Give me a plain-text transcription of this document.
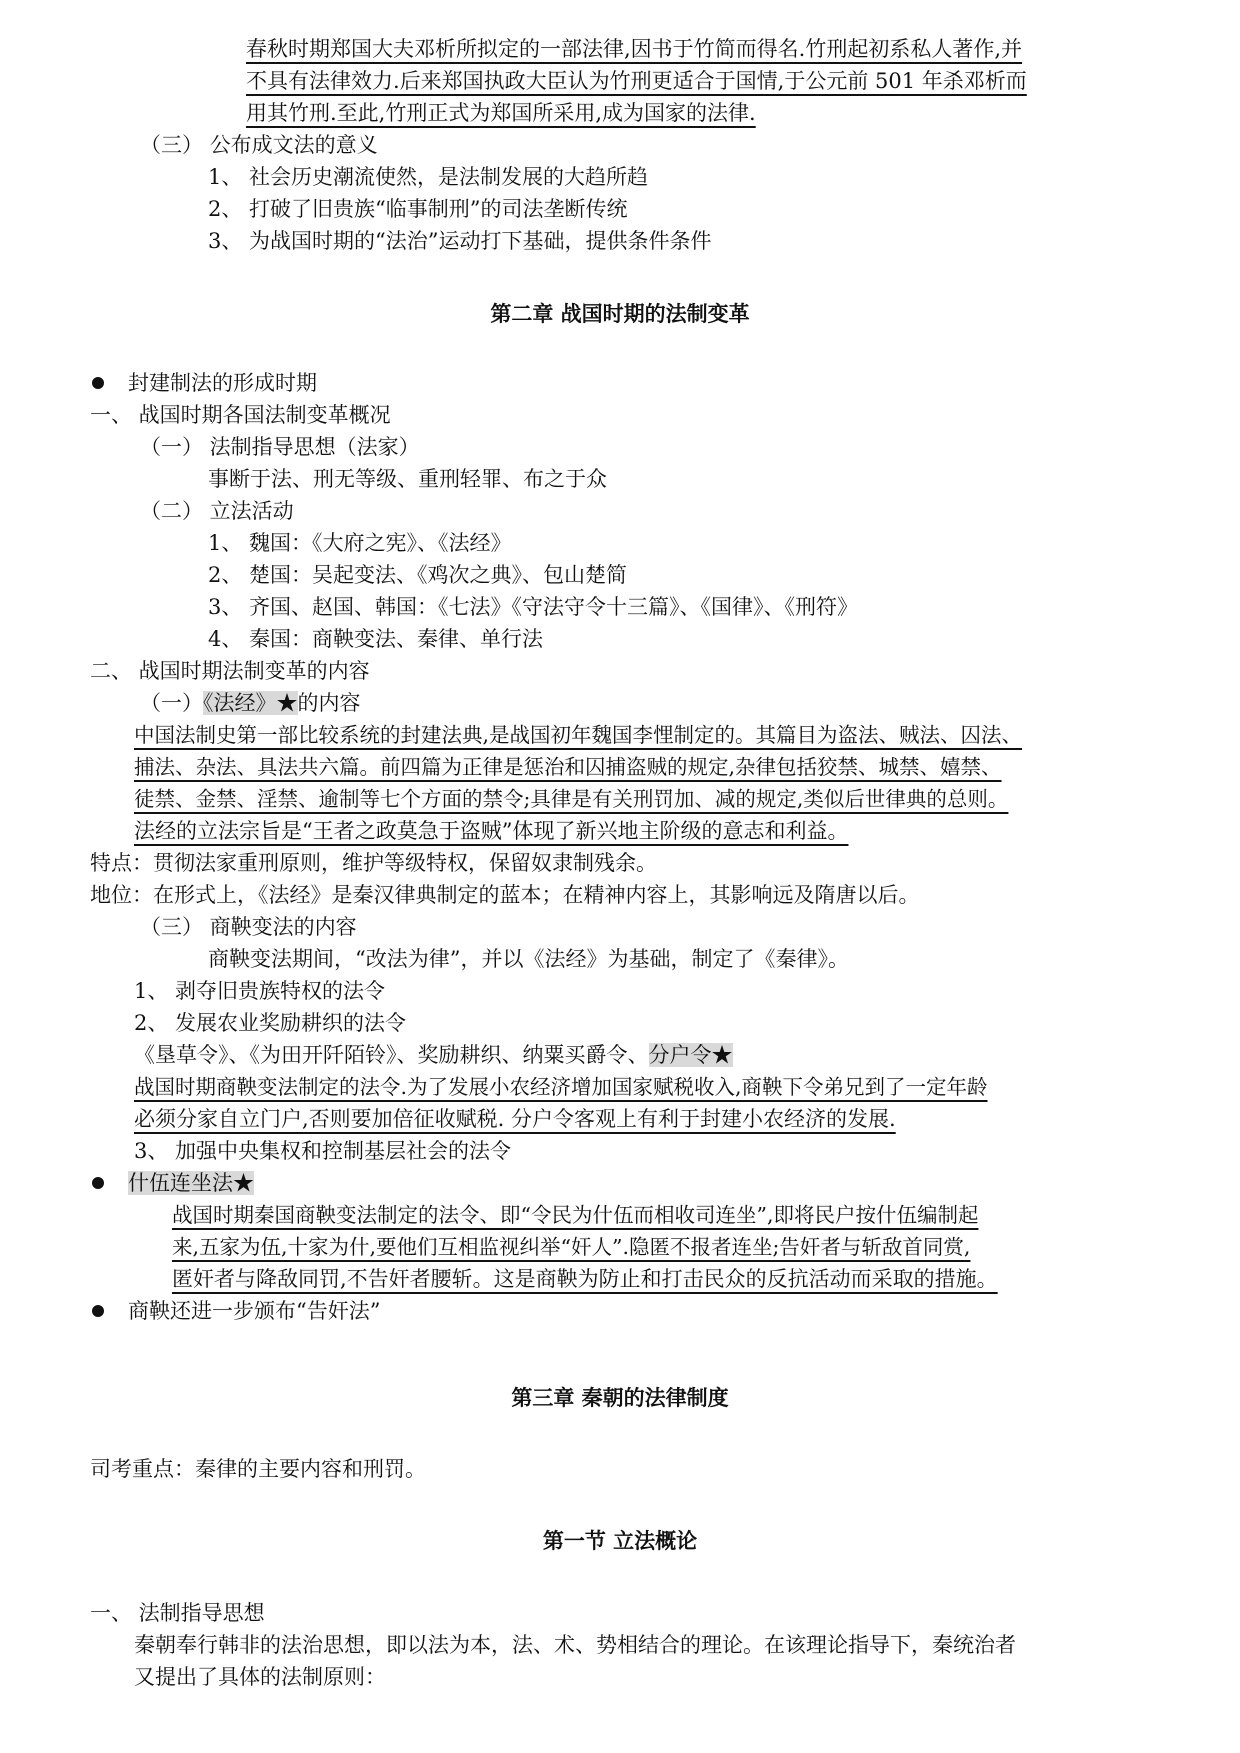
春秋时期郑国大夫邓析所拟定的一部法律,因书于竹简而得名.竹刑起初系私人著作,并
不具有法律效力.后来郑国执政大臣认为竹刑更适合于国情,于公元前 501 年杀邓析而
用其竹刑.至此,竹刑正式为郑国所采用,成为国家的法律.
（三） 公布成文法的意义
1、 社会历史潮流使然，是法制发展的大趋所趋
2、 打破了旧贵族“临事制刑”的司法垄断传统
3、 为战国时期的“法治”运动打下基础，提供条件条件
第二章 战国时期的法制变革
封建制法的形成时期
一、 战国时期各国法制变革概况
（一） 法制指导思想（法家）
事断于法、刑无等级、重刑轻罪、布之于众
（二） 立法活动
1、 魏国：《大府之宪》、《法经》
2、 楚国：吴起变法、《鸡次之典》、包山楚简
3、 齐国、赵国、韩国：《七法》《守法守令十三篇》、《国律》、《刑符》
4、 秦国：商鞅变法、秦律、单行法
二、 战国时期法制变革的内容
（一）《法经》★的内容
中国法制史第一部比较系统的封建法典,是战国初年魏国李悝制定的。其篇目为盗法、贼法、囚法、
捕法、杂法、具法共六篇。前四篇为正律是惩治和囚捕盗贼的规定,杂律包括狡禁、城禁、嬉禁、
徒禁、金禁、淫禁、逾制等七个方面的禁令;具律是有关刑罚加、减的规定,类似后世律典的总则。
法经的立法宗旨是“王者之政莫急于盗贼”体现了新兴地主阶级的意志和利益。
特点：贯彻法家重刑原则，维护等级特权，保留奴隶制残余。
地位：在形式上，《法经》是秦汉律典制定的蓝本；在精神内容上，其影响远及隋唐以后。
（三） 商鞅变法的内容
商鞅变法期间，“改法为律”，并以《法经》为基础，制定了《秦律》。
1、 剥夺旧贵族特权的法令
2、 发展农业奖励耕织的法令
《垦草令》、《为田开阡陌铃》、奖励耕织、纳粟买爵令、分户令★
战国时期商鞅变法制定的法令.为了发展小农经济增加国家赋税收入,商鞅下令弟兄到了一定年龄
必须分家自立门户,否则要加倍征收赋税. 分户令客观上有利于封建小农经济的发展.
3、 加强中央集权和控制基层社会的法令
什伍连坐法★
战国时期秦国商鞅变法制定的法令、即“令民为什伍而相收司连坐”,即将民户按什伍编制起
来,五家为伍,十家为什,要他们互相监视纠举“奸人”.隐匿不报者连坐;告奸者与斩敌首同赏,
匿奸者与降敌同罚,不告奸者腰斩。这是商鞅为防止和打击民众的反抗活动而采取的措施。
商鞅还进一步颁布“告奸法”
第三章 秦朝的法律制度
司考重点：秦律的主要内容和刑罚。
第一节 立法概论
一、 法制指导思想
秦朝奉行韩非的法治思想，即以法为本，法、术、势相结合的理论。在该理论指导下，秦统治者
又提出了具体的法制原则：
